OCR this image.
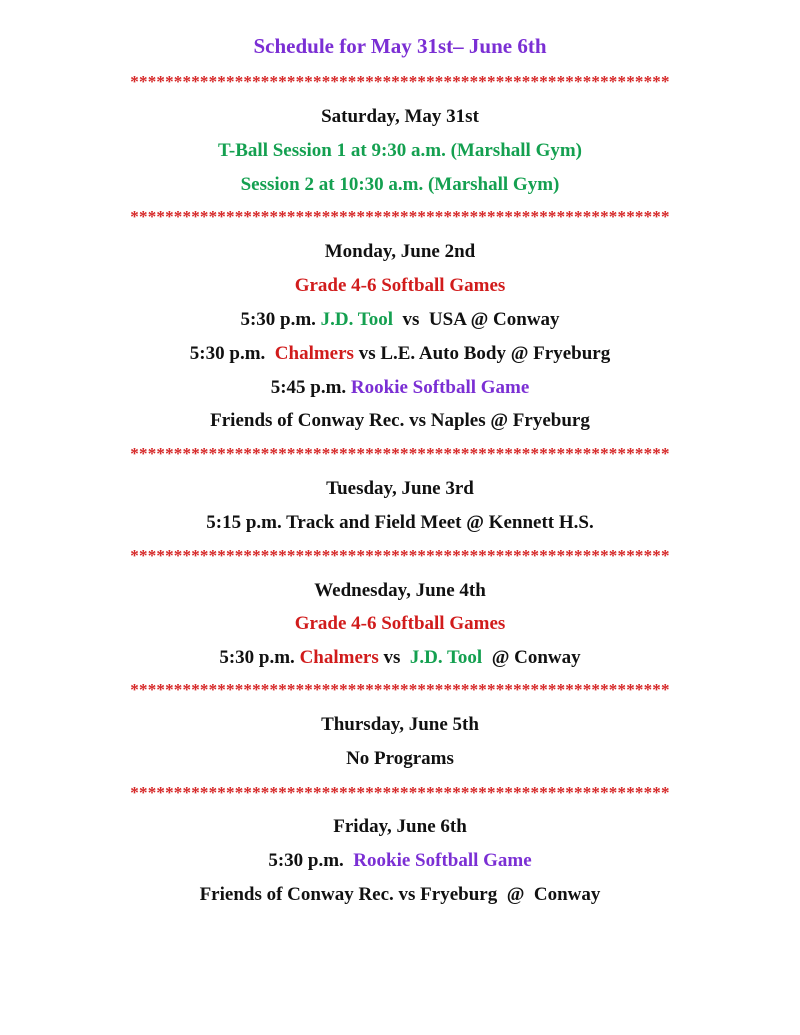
Schedule for May 31st– June 6th
**************************************************************
Saturday, May 31st
T-Ball Session 1 at 9:30 a.m. (Marshall Gym)
Session 2 at 10:30 a.m. (Marshall Gym)
**************************************************************
Monday, June 2nd
Grade 4-6 Softball Games
5:30 p.m. J.D. Tool  vs  USA @ Conway
5:30 p.m.  Chalmers vs L.E. Auto Body @ Fryeburg
5:45 p.m. Rookie Softball Game
Friends of Conway Rec. vs Naples @ Fryeburg
**************************************************************
Tuesday, June 3rd
5:15 p.m. Track and Field Meet @ Kennett H.S.
**************************************************************
Wednesday, June 4th
Grade 4-6 Softball Games
5:30 p.m. Chalmers vs  J.D. Tool  @ Conway
**************************************************************
Thursday, June 5th
No Programs
**************************************************************
Friday, June 6th
5:30 p.m.  Rookie Softball Game
Friends of Conway Rec. vs Fryeburg  @  Conway
